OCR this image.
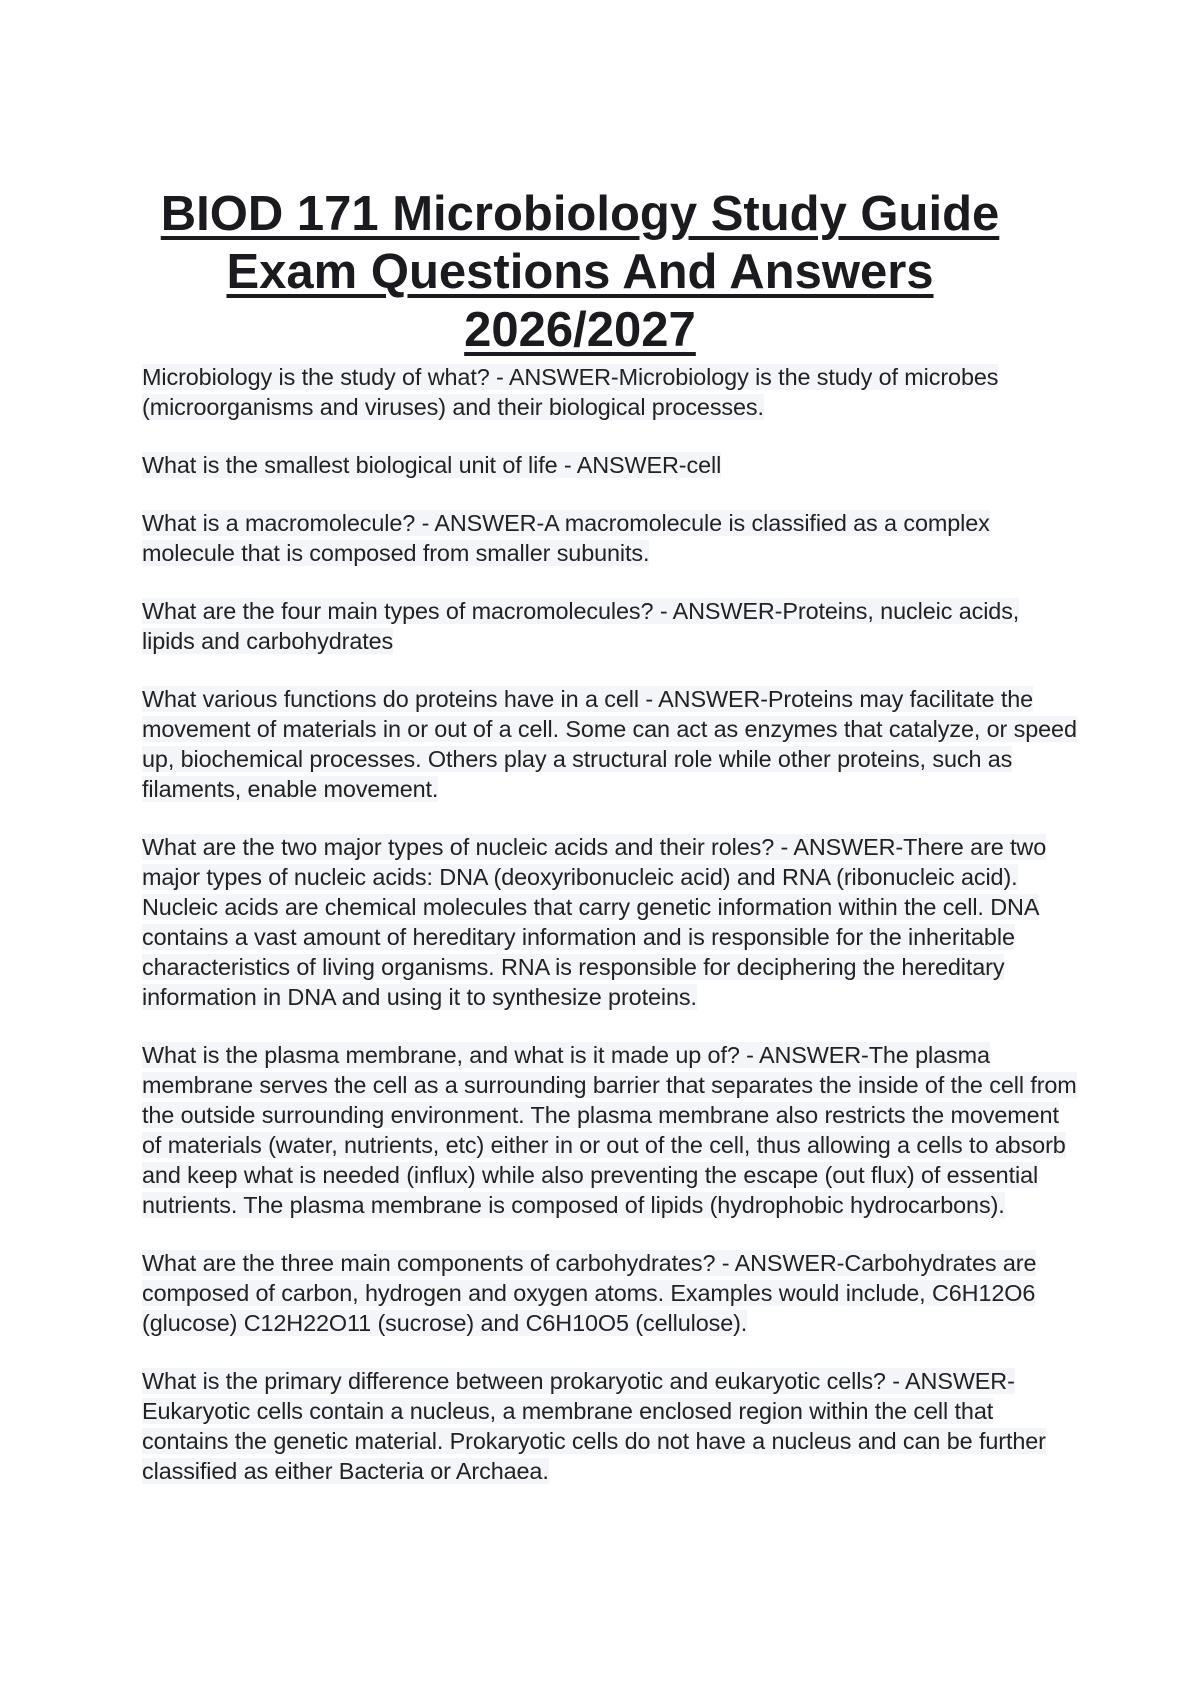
BIOD 171 Microbiology Study Guide
Exam Questions And Answers
2026/2027

Microbiology is the study of what? - ANSWER-Microbiology is the study of microbes (microorganisms and viruses) and their biological processes.

What is the smallest biological unit of life - ANSWER-cell

What is a macromolecule? - ANSWER-A macromolecule is classified as a complex molecule that is composed from smaller subunits.

What are the four main types of macromolecules? - ANSWER-Proteins, nucleic acids, lipids and carbohydrates

What various functions do proteins have in a cell - ANSWER-Proteins may facilitate the movement of materials in or out of a cell. Some can act as enzymes that catalyze, or speed up, biochemical processes. Others play a structural role while other proteins, such as filaments, enable movement.

What are the two major types of nucleic acids and their roles? - ANSWER-There are two major types of nucleic acids: DNA (deoxyribonucleic acid) and RNA (ribonucleic acid). Nucleic acids are chemical molecules that carry genetic information within the cell. DNA contains a vast amount of hereditary information and is responsible for the inheritable characteristics of living organisms. RNA is responsible for deciphering the hereditary information in DNA and using it to synthesize proteins.

What is the plasma membrane, and what is it made up of? - ANSWER-The plasma membrane serves the cell as a surrounding barrier that separates the inside of the cell from the outside surrounding environment. The plasma membrane also restricts the movement of materials (water, nutrients, etc) either in or out of the cell, thus allowing a cells to absorb and keep what is needed (influx) while also preventing the escape (out flux) of essential nutrients. The plasma membrane is composed of lipids (hydrophobic hydrocarbons).

What are the three main components of carbohydrates? - ANSWER-Carbohydrates are composed of carbon, hydrogen and oxygen atoms. Examples would include, C6H12O6 (glucose) C12H22O11 (sucrose) and C6H10O5 (cellulose).

What is the primary difference between prokaryotic and eukaryotic cells? - ANSWER-Eukaryotic cells contain a nucleus, a membrane enclosed region within the cell that contains the genetic material. Prokaryotic cells do not have a nucleus and can be further classified as either Bacteria or Archaea.
